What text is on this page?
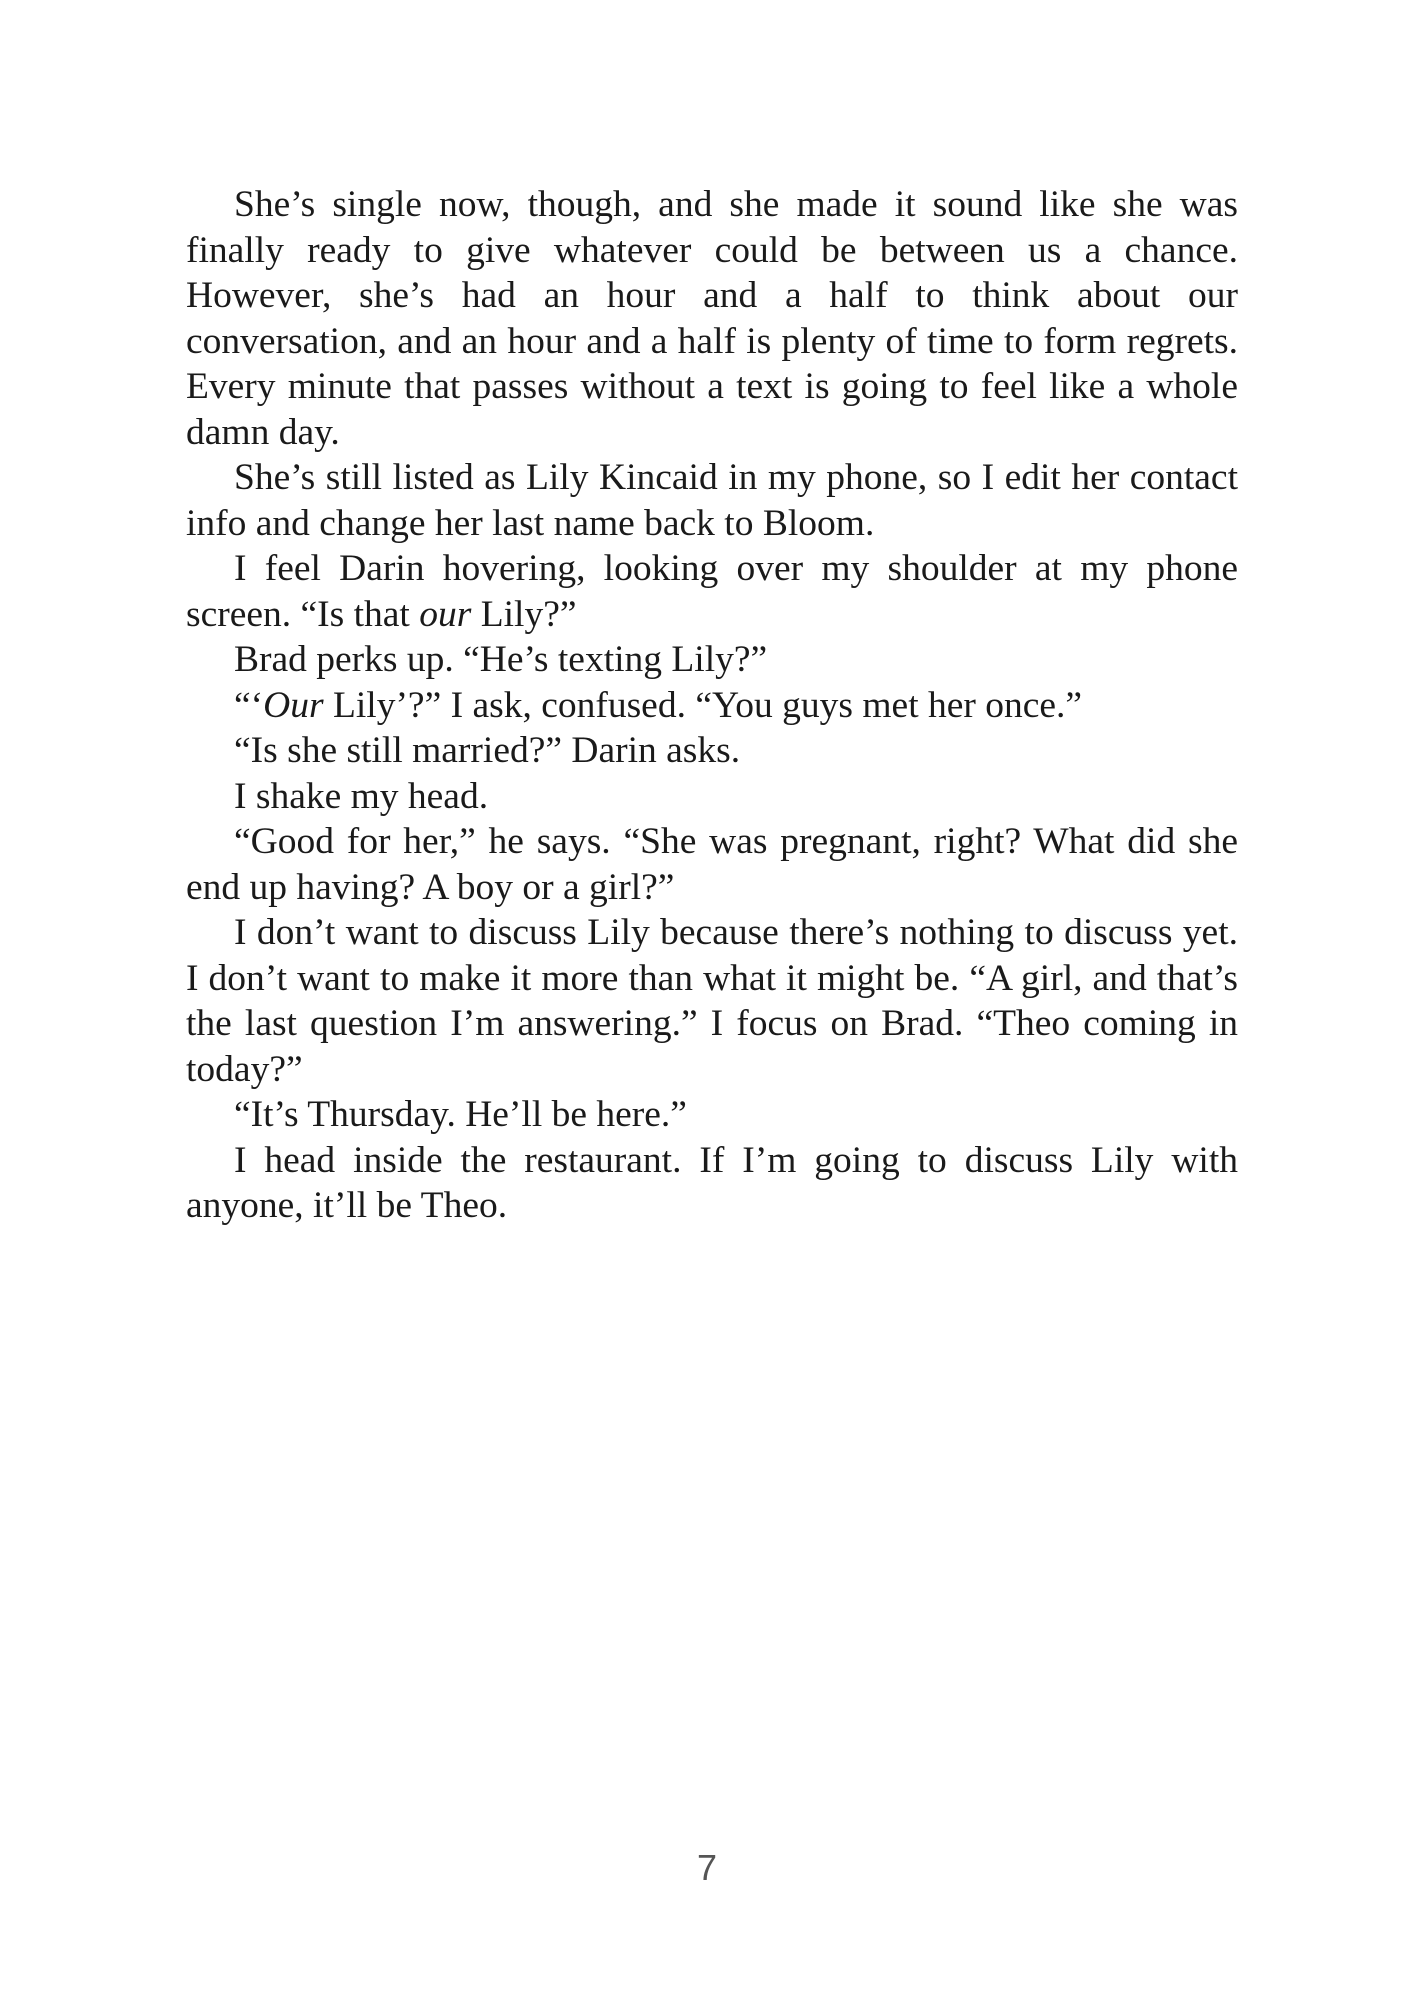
She’s single now, though, and she made it sound like she was finally ready to give whatever could be between us a chance. However, she’s had an hour and a half to think about our conversation, and an hour and a half is plenty of time to form regrets. Every minute that passes without a text is going to feel like a whole damn day.

She’s still listed as Lily Kincaid in my phone, so I edit her contact info and change her last name back to Bloom.

I feel Darin hovering, looking over my shoulder at my phone screen. “Is that our Lily?”

Brad perks up. “He’s texting Lily?”

“‘Our Lily’?” I ask, confused. “You guys met her once.”

“Is she still married?” Darin asks.

I shake my head.

“Good for her,” he says. “She was pregnant, right? What did she end up having? A boy or a girl?”

I don’t want to discuss Lily because there’s nothing to discuss yet. I don’t want to make it more than what it might be. “A girl, and that’s the last question I’m answering.” I focus on Brad. “Theo coming in today?”

“It’s Thursday. He’ll be here.”

I head inside the restaurant. If I’m going to discuss Lily with anyone, it’ll be Theo.

7
